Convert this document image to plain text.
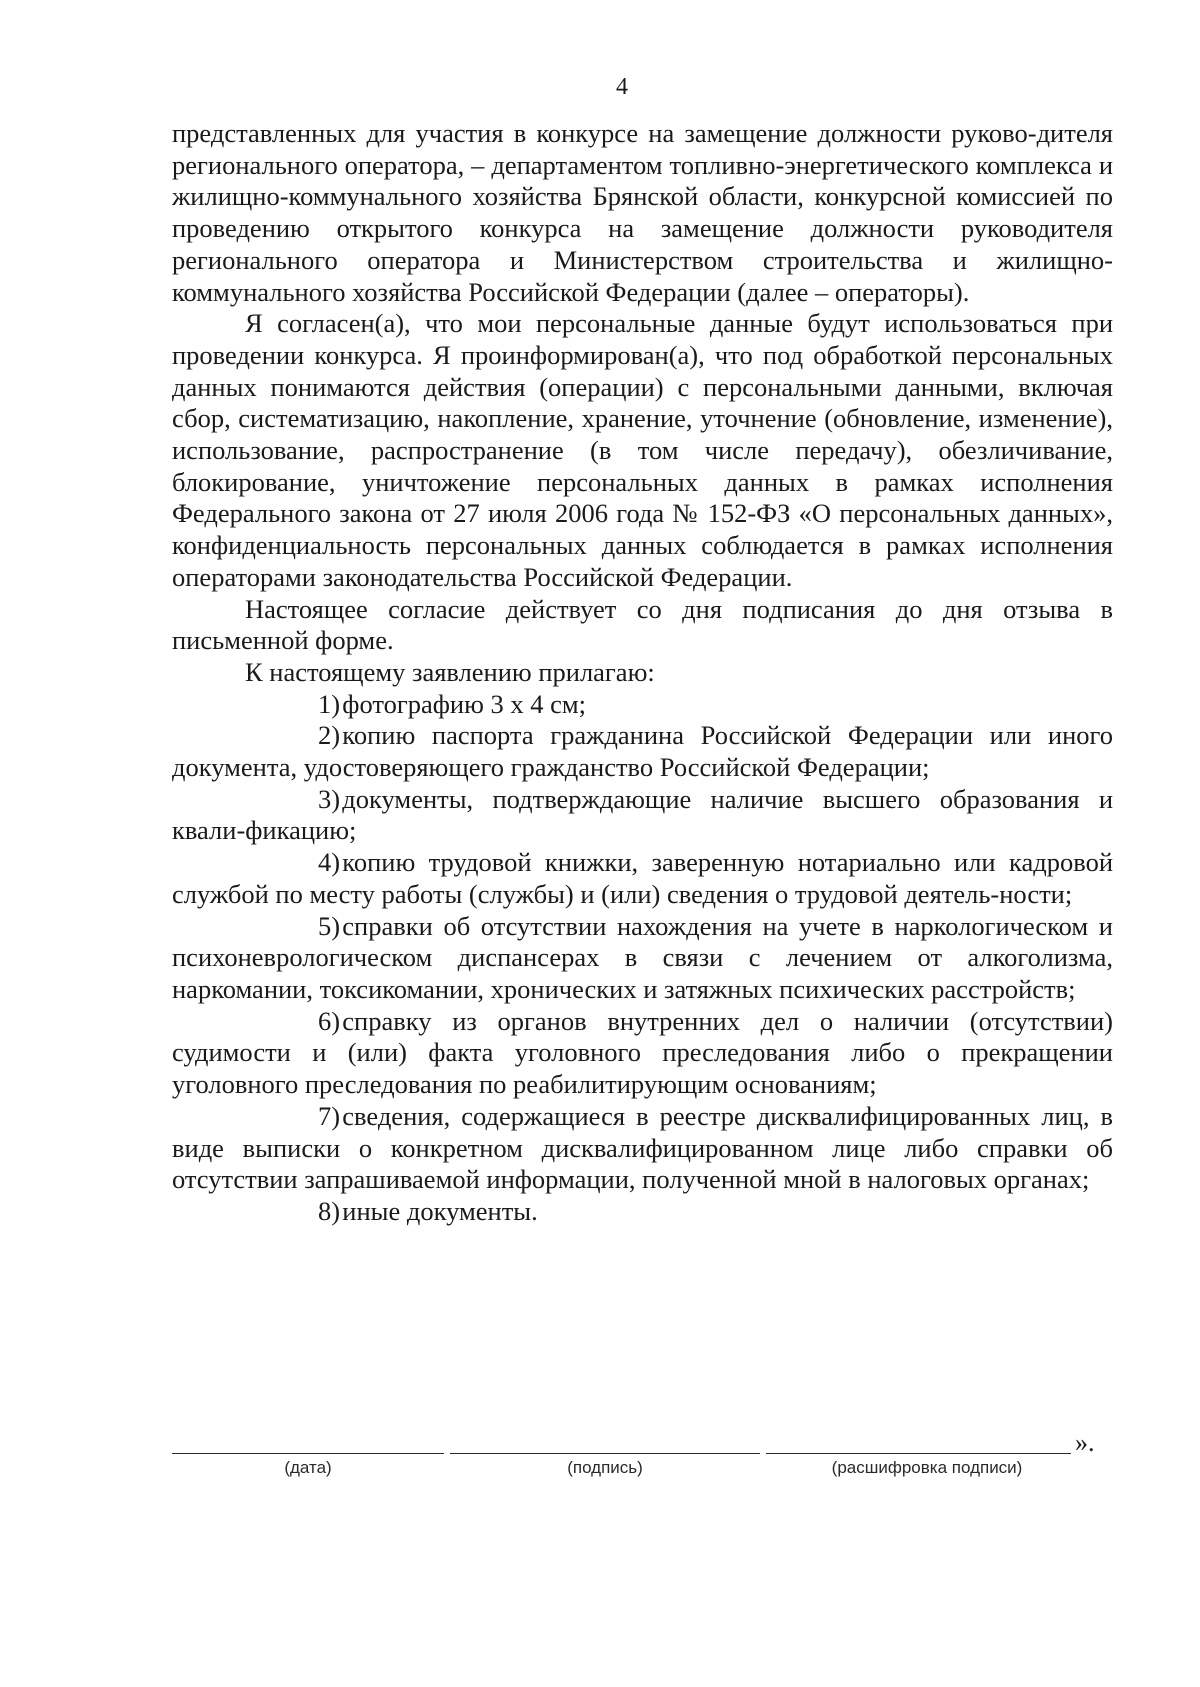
4

представленных для участия в конкурсе на замещение должности руково-дителя регионального оператора, – департаментом топливно-энергетического комплекса и жилищно-коммунального хозяйства Брянской области, конкурсной комиссией по проведению открытого конкурса на замещение должности руководителя регионального оператора и Министерством строительства и жилищно-коммунального хозяйства Российской Федерации (далее – операторы).

Я согласен(а), что мои персональные данные будут использоваться при проведении конкурса. Я проинформирован(а), что под обработкой персональных данных понимаются действия (операции) с персональными данными, включая сбор, систематизацию, накопление, хранение, уточнение (обновление, изменение), использование, распространение (в том числе передачу), обезличивание, блокирование, уничтожение персональных данных в рамках исполнения Федерального закона от 27 июля 2006 года № 152-ФЗ «О персональных данных», конфиденциальность персональных данных соблюдается в рамках исполнения операторами законодательства Российской Федерации.

Настоящее согласие действует со дня подписания до дня отзыва в письменной форме.

К настоящему заявлению прилагаю:

1) фотографию 3 х 4 см;

2) копию паспорта гражданина Российской Федерации или иного документа, удостоверяющего гражданство Российской Федерации;

3) документы, подтверждающие наличие высшего образования и квали-фикацию;

4) копию трудовой книжки, заверенную нотариально или кадровой службой по месту работы (службы) и (или) сведения о трудовой деятель-ности;

5) справки об отсутствии нахождения на учете в наркологическом и психоневрологическом диспансерах в связи с лечением от алкоголизма, наркомании, токсикомании, хронических и затяжных психических расстройств;

6) справку из органов внутренних дел о наличии (отсутствии) судимости и (или) факта уголовного преследования либо о прекращении уголовного преследования по реабилитирующим основаниям;

7) сведения, содержащиеся в реестре дисквалифицированных лиц, в виде выписки о конкретном дисквалифицированном лице либо справки об отсутствии запрашиваемой информации, полученной мной в налоговых органах;

8) иные документы.

».
(дата)	(подпись)	(расшифровка подписи)
